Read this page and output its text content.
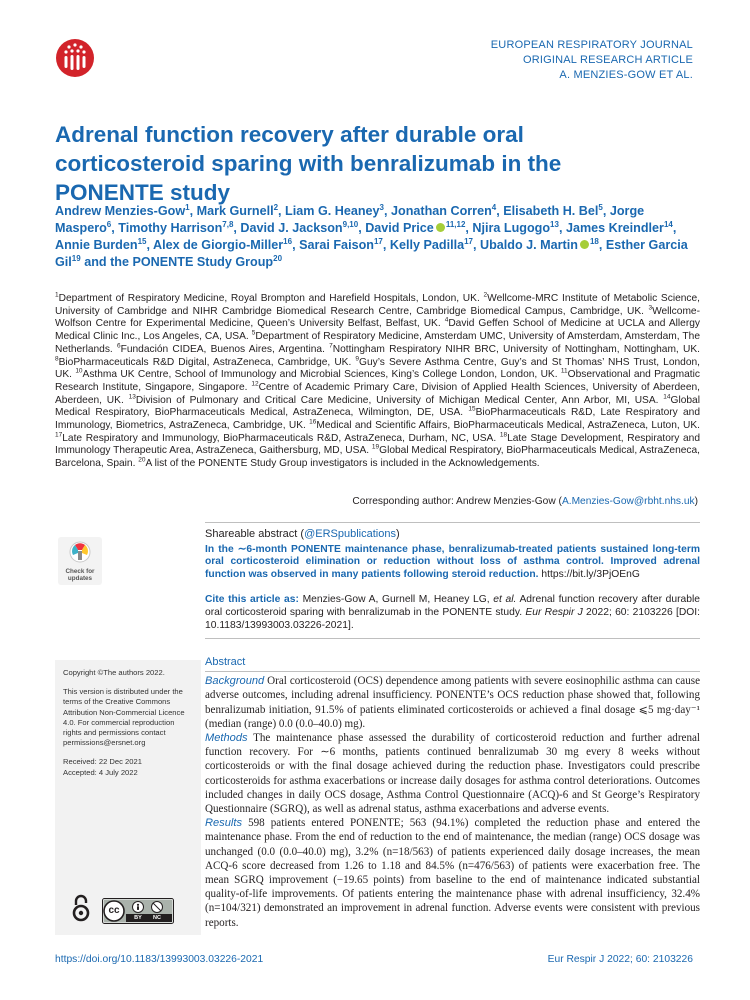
EUROPEAN RESPIRATORY JOURNAL
ORIGINAL RESEARCH ARTICLE
A. MENZIES-GOW ET AL.
Adrenal function recovery after durable oral corticosteroid sparing with benralizumab in the PONENTE study

Andrew Menzies-Gow$^1$, Mark Gurnell$^2$, Liam G. Heaney$^3$, Jonathan Corren$^4$, Elisabeth H. Bel$^5$, Jorge Maspero$^6$, Timothy Harrison$^{7,8}$, David J. Jackson$^{9,10}$, David Price $^{11,12}$, Njira Lugogo$^{13}$, James Kreindler$^{14}$, Annie Burden$^{15}$, Alex de Giorgio-Miller$^{16}$, Sarai Faison$^{17}$, Kelly Padilla$^{17}$, Ubaldo J. Martin $^{18}$, Esther Garcia Gil$^{19}$ and the PONENTE Study Group$^{20}$

$^1$Department of Respiratory Medicine, Royal Brompton and Harefield Hospitals, London, UK. $^2$Wellcome-MRC Institute of Metabolic Science, University of Cambridge and NIHR Cambridge Biomedical Research Centre, Cambridge Biomedical Campus, Cambridge, UK. $^3$Wellcome-Wolfson Centre for Experimental Medicine, Queen’s University Belfast, Belfast, UK. $^4$David Geffen School of Medicine at UCLA and Allergy Medical Clinic Inc., Los Angeles, CA, USA. $^5$Department of Respiratory Medicine, Amsterdam UMC, University of Amsterdam, Amsterdam, The Netherlands. $^6$Fundación CIDEA, Buenos Aires, Argentina. $^7$Nottingham Respiratory NIHR BRC, University of Nottingham, Nottingham, UK. $^8$BioPharmaceuticals R&D Digital, AstraZeneca, Cambridge, UK. $^9$Guy’s Severe Asthma Centre, Guy’s and St Thomas’ NHS Trust, London, UK. $^{10}$Asthma UK Centre, School of Immunology and Microbial Sciences, King’s College London, London, UK. $^{11}$Observational and Pragmatic Research Institute, Singapore, Singapore. $^{12}$Centre of Academic Primary Care, Division of Applied Health Sciences, University of Aberdeen, Aberdeen, UK. $^{13}$Division of Pulmonary and Critical Care Medicine, University of Michigan Medical Center, Ann Arbor, MI, USA. $^{14}$Global Medical Respiratory, BioPharmaceuticals Medical, AstraZeneca, Wilmington, DE, USA. $^{15}$BioPharmaceuticals R&D, Late Respiratory and Immunology, Biometrics, AstraZeneca, Cambridge, UK. $^{16}$Medical and Scientific Affairs, BioPharmaceuticals Medical, AstraZeneca, Luton, UK. $^{17}$Late Respiratory and Immunology, BioPharmaceuticals R&D, AstraZeneca, Durham, NC, USA. $^{18}$Late Stage Development, Respiratory and Immunology Therapeutic Area, AstraZeneca, Gaithersburg, MD, USA. $^{19}$Global Medical Respiratory, BioPharmaceuticals Medical, AstraZeneca, Barcelona, Spain. $^{20}$A list of the PONENTE Study Group investigators is included in the Acknowledgements.

Corresponding author: Andrew Menzies-Gow (A.Menzies-Gow@rbht.nhs.uk)
Check for
updates
Shareable abstract (@ERSpublications)
In the ∼6-month PONENTE maintenance phase, benralizumab-treated patients sustained long-term oral corticosteroid elimination or reduction without loss of asthma control. Improved adrenal function was observed in many patients following steroid reduction. https://bit.ly/3PjOEnG
Cite this article as: Menzies-Gow A, Gurnell M, Heaney LG, et al. Adrenal function recovery after durable oral corticosteroid sparing with benralizumab in the PONENTE study. Eur Respir J 2022; 60: 2103226 [DOI: 10.1183/13993003.03226-2021].

Copyright ©The authors 2022.

This version is distributed under the terms of the Creative Commons Attribution Non-Commercial Licence 4.0. For commercial reproduction rights and permissions contact permissions@ersnet.org

Received: 22 Dec 2021
Accepted: 4 July 2022

cc
BY	NC
Abstract

Background Oral corticosteroid (OCS) dependence among patients with severe eosinophilic asthma can cause adverse outcomes, including adrenal insufficiency. PONENTE’s OCS reduction phase showed that, following benralizumab initiation, 91.5% of patients eliminated corticosteroids or achieved a final dosage ⩽5 mg·day⁻¹ (median (range) 0.0 (0.0–40.0) mg).

Methods The maintenance phase assessed the durability of corticosteroid reduction and further adrenal function recovery. For ∼6 months, patients continued benralizumab 30 mg every 8 weeks without corticosteroids or with the final dosage achieved during the reduction phase. Investigators could prescribe corticosteroids for asthma exacerbations or increase daily dosages for asthma control deteriorations. Outcomes included changes in daily OCS dosage, Asthma Control Questionnaire (ACQ)-6 and St George’s Respiratory Questionnaire (SGRQ), as well as adrenal status, asthma exacerbations and adverse events.

Results 598 patients entered PONENTE; 563 (94.1%) completed the reduction phase and entered the maintenance phase. From the end of reduction to the end of maintenance, the median (range) OCS dosage was unchanged (0.0 (0.0–40.0) mg), 3.2% (n=18/563) of patients experienced daily dosage increases, the mean ACQ-6 score decreased from 1.26 to 1.18 and 84.5% (n=476/563) of patients were exacerbation free. The mean SGRQ improvement (−19.65 points) from baseline to the end of maintenance indicated substantial quality-of-life improvements. Of patients entering the maintenance phase with adrenal insufficiency, 32.4% (n=104/321) demonstrated an improvement in adrenal function. Adverse events were consistent with previous reports.

https://doi.org/10.1183/13993003.03226-2021	Eur Respir J 2022; 60: 2103226
